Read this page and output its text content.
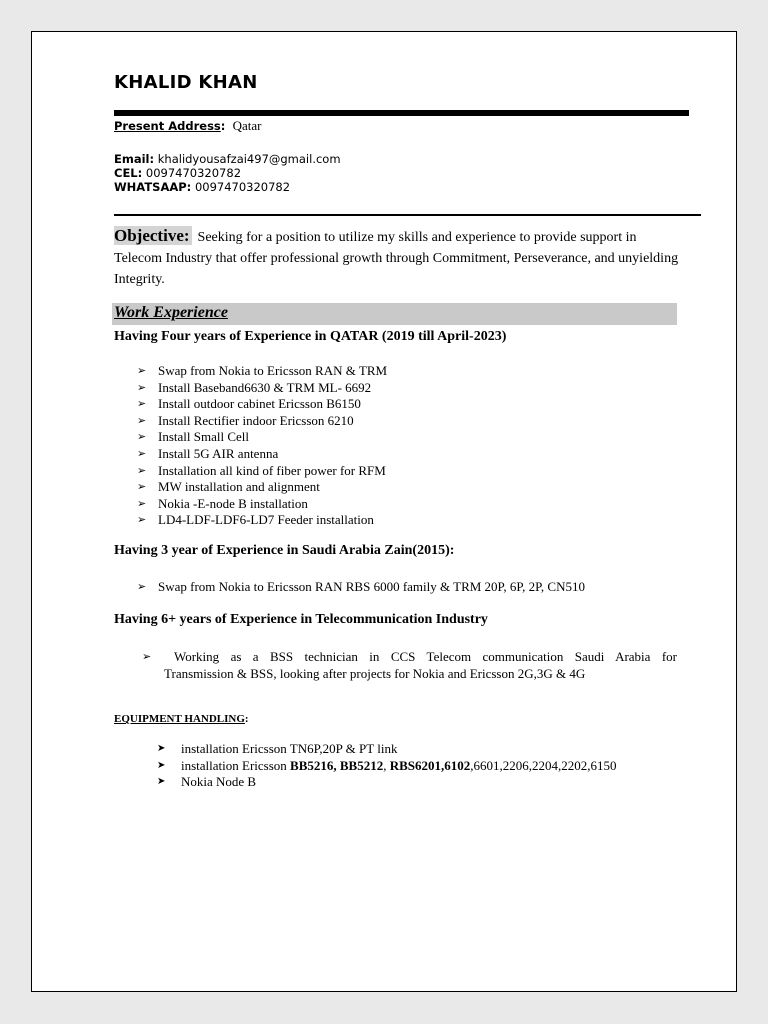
KHALID KHAN
Present Address: Qatar
Email: khalidyousafzai497@gmail.com
CEL: 0097470320782
WHATSAAP: 0097470320782
Objective: Seeking for a position to utilize my skills and experience to provide support in Telecom Industry that offer professional growth through Commitment, Perseverance, and unyielding Integrity.
Work Experience
Having Four years of Experience in QATAR (2019 till April-2023)
➢ Swap from Nokia to Ericsson RAN & TRM
➢ Install Baseband6630 & TRM ML- 6692
➢ Install outdoor cabinet Ericsson B6150
➢ Install Rectifier indoor Ericsson 6210
➢ Install Small Cell
➢ Install 5G AIR antenna
➢ Installation all kind of fiber power for RFM
➢ MW installation and alignment
➢ Nokia -E-node B installation
➢ LD4-LDF-LDF6-LD7 Feeder installation
Having 3 year of Experience in Saudi Arabia Zain(2015):
➢ Swap from Nokia to Ericsson RAN RBS 6000 family & TRM 20P, 6P, 2P, CN510
Having 6+ years of Experience in Telecommunication Industry
➢	Working as a BSS technician in CCS Telecom communication Saudi Arabia for
Transmission & BSS, looking after projects for Nokia and Ericsson 2G,3G & 4G
EQUIPMENT HANDLING:
➤ installation Ericsson TN6P,20P & PT link
➤ installation Ericsson BB5216, BB5212, RBS6201,6102,6601,2206,2204,2202,6150
➤ Nokia Node B
